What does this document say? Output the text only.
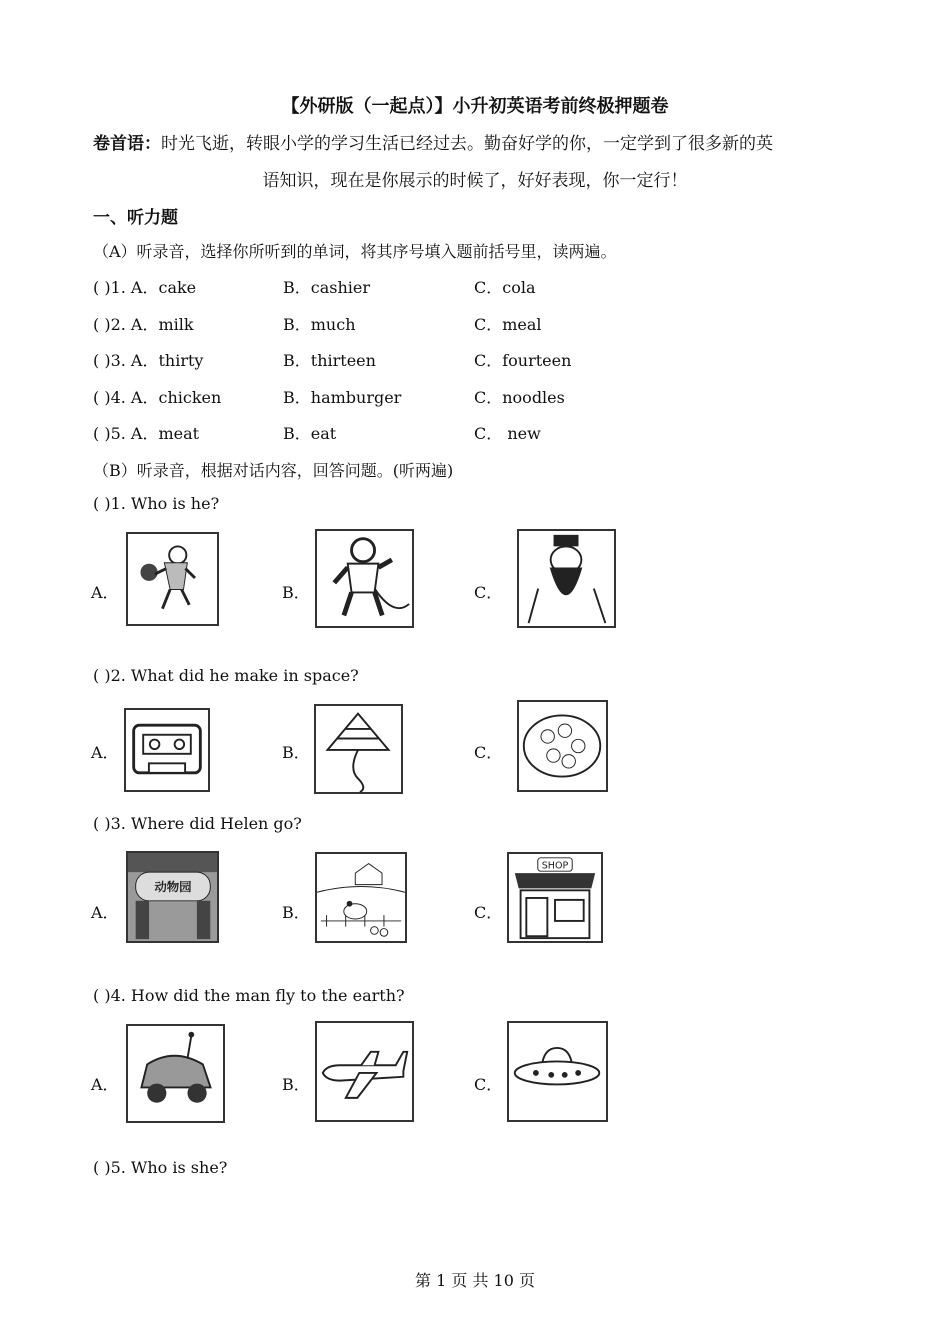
【外研版（一起点）】小升初英语考前终极押题卷
卷首语：时光飞逝，转眼小学的学习生活已经过去。勤奋好学的你，一定学到了很多新的英
语知识，现在是你展示的时候了，好好表现，你一定行！
一、听力题
（A）听录音，选择你所听到的单词，将其序号填入题前括号里，读两遍。
( )1. A．cake	B．cashier	C．cola
( )2. A．milk	B．much	C．meal
( )3. A．thirty	B．thirteen	C．fourteen
( )4. A．chicken	B．hamburger	C．noodles
( )5. A．meat	B．eat	C． new
（B）听录音，根据对话内容，回答问题。(听两遍)
( )1. Who is he?
A．	B．	C．
( )2. What did he make in space?
A．	B．	C．
( )3. Where did Helen go?
A．
动物园
B．	C．
SHOP
( )4. How did the man fly to the earth?
A．	B．	C．
( )5. Who is she?
第 1 页 共 10 页
